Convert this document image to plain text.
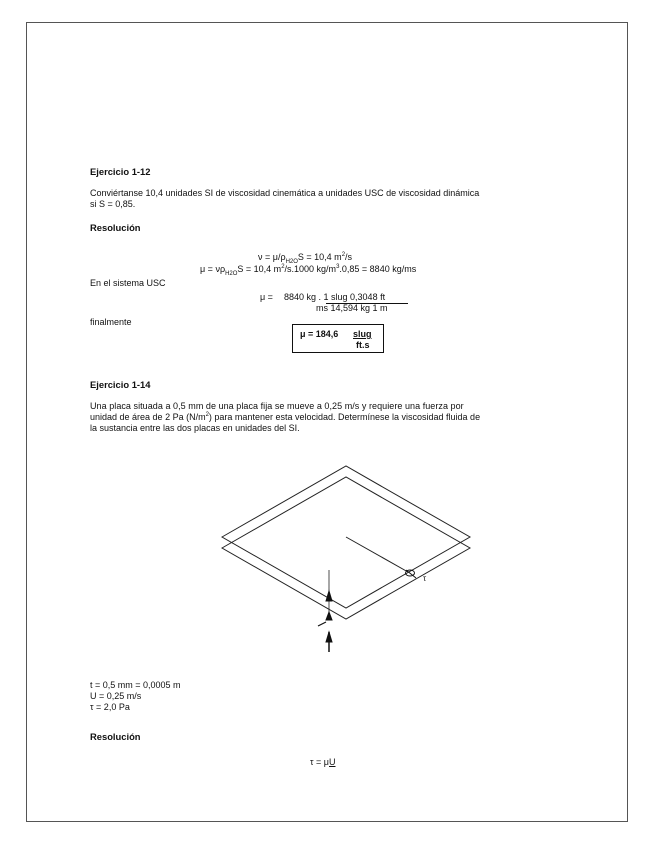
Ejercicio 1-12
Conviértanse 10,4 unidades SI de viscosidad cinemática a unidades USC de viscosidad dinámica
si S = 0,85.
Resolución
$\nu = \mu/\rho_{H2O}S = 10,4$ $m^2/s$
$\mu = \nu\rho_{H2O}S = 10,4$ $m^2/s.1000$ $kg/m^3.0,85 = 8840$ kg/ms
En el sistema USC
μ = 8840 kg . 1 slug 0,3048 ft
ms 14,594 kg 1 m
finalmente
μ = 184,6 slug
ft.s
Ejercicio 1-14
Una placa situada a 0,5 mm de una placa fija se mueve a 0,25 m/s y requiere una fuerza por
unidad de área de 2 Pa $(N/m^2)$ para mantener esta velocidad. Determínese la viscosidad fluida de
la sustancia entre las dos placas en unidades del SI.
τ
t = 0,5 mm = 0,0005 m
U = 0,25 m/s
τ = 2,0 Pa
Resolución
τ = μU
